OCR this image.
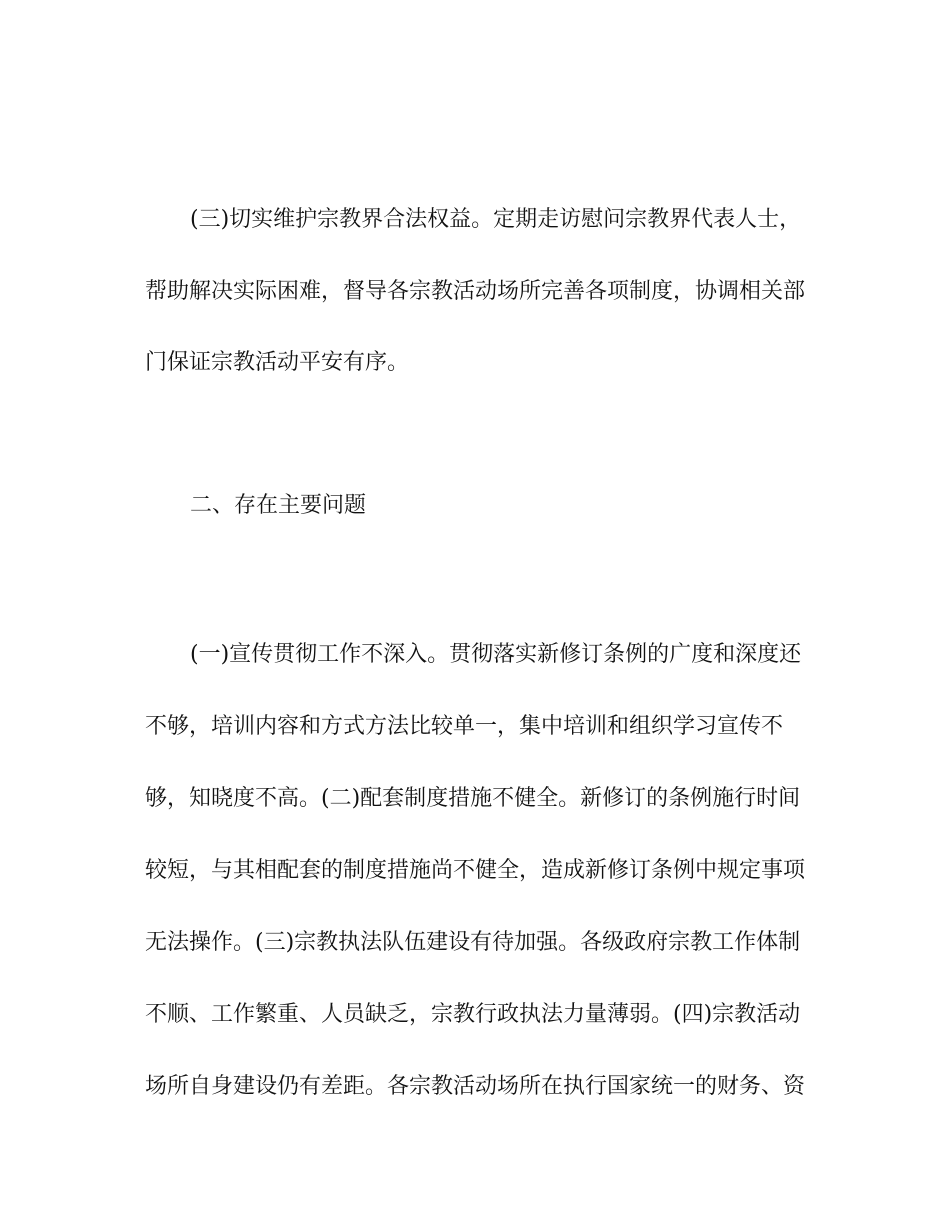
(三)切实维护宗教界合法权益。定期走访慰问宗教界代表人士，
帮助解决实际困难，督导各宗教活动场所完善各项制度，协调相关部
门保证宗教活动平安有序。
二、存在主要问题
(一)宣传贯彻工作不深入。贯彻落实新修订条例的广度和深度还
不够，培训内容和方式方法比较单一，集中培训和组织学习宣传不
够，知晓度不高。(二)配套制度措施不健全。新修订的条例施行时间
较短，与其相配套的制度措施尚不健全，造成新修订条例中规定事项
无法操作。(三)宗教执法队伍建设有待加强。各级政府宗教工作体制
不顺、工作繁重、人员缺乏，宗教行政执法力量薄弱。(四)宗教活动
场所自身建设仍有差距。各宗教活动场所在执行国家统一的财务、资
